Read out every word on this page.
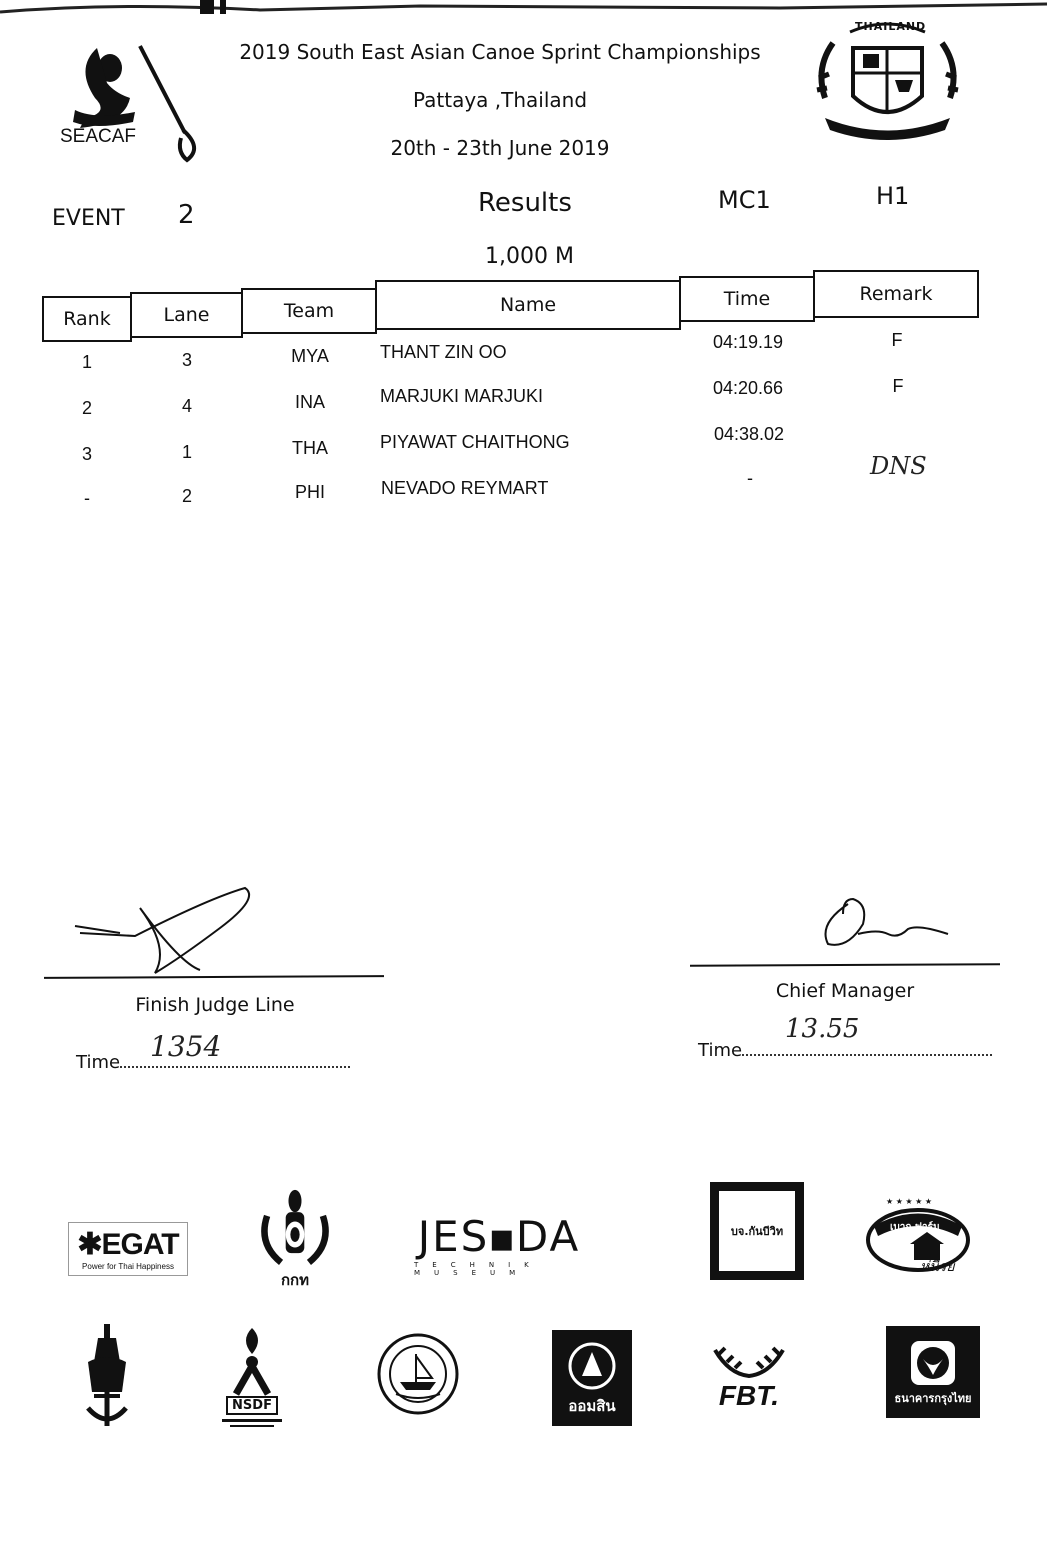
SEACAF
2019 South East Asian Canoe Sprint Championships
Pattaya ,Thailand
20th - 23th June 2019
THAILAND
EVENT 2	Results	MC1	H1
1,000 M
Rank	Lane	Team	Name	Time	Remark
1	3	MYA	THANT ZIN OO	04:19.19	F
2	4	INA	MARJUKI MARJUKI	04:20.66	F
3	1	THA	PIYAWAT CHAITHONG	04:38.02
-	2	PHI	NEVADO REYMART	-	DNS
Finish Judge Line
Time	1354
Chief Manager
Time
13.55
✱EGAT
Power for Thai Happiness
กกท
JES■DA
TECHNIK MUSEUM
บจ.กันบีวิท
★ ★ ★ ★ ★
เบาก ฟาร์ม
ห่นีรย
NSDF	ออมสิน	FBT.	ธนาคารกรุงไทย
